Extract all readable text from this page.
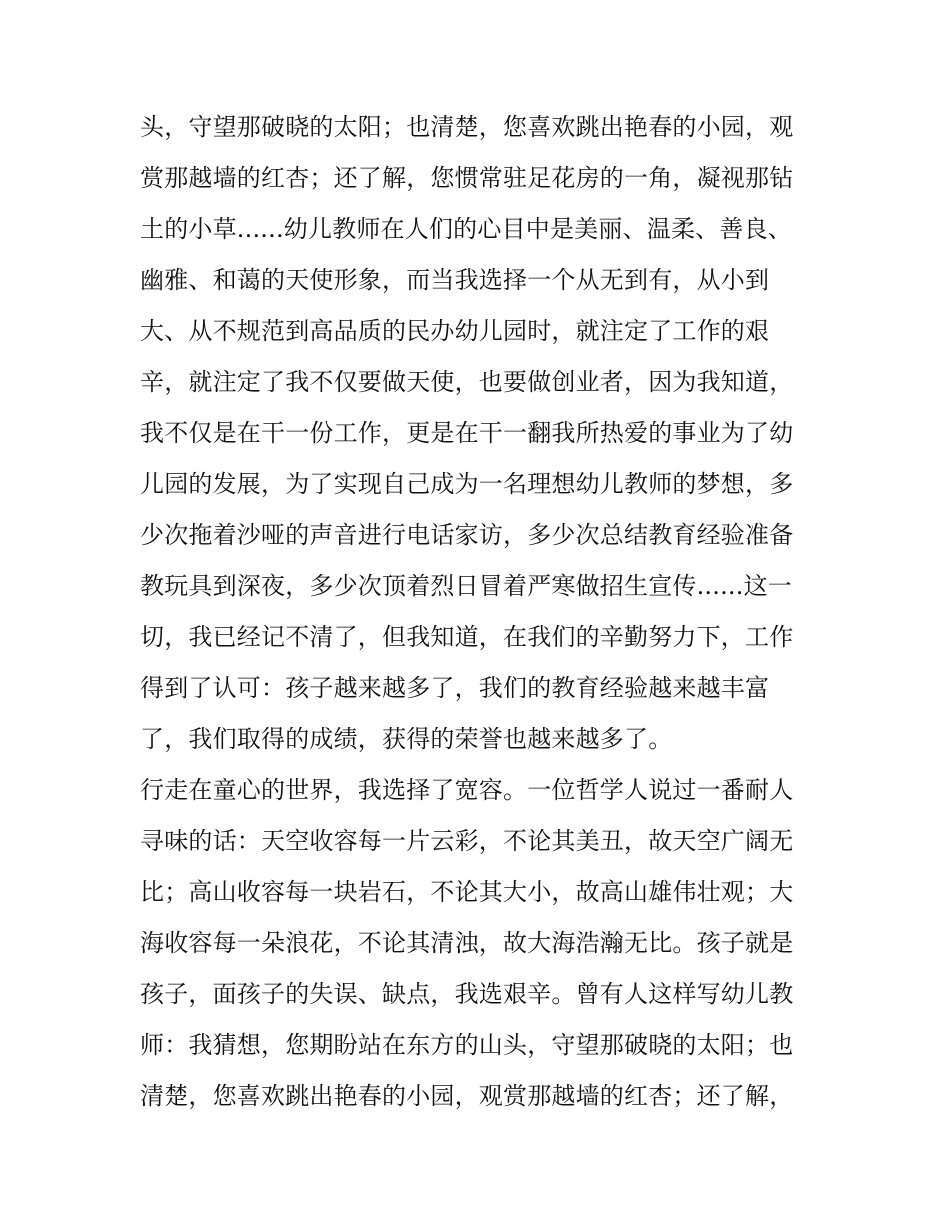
头，守望那破晓的太阳；也清楚，您喜欢跳出艳春的小园，观
赏那越墙的红杏；还了解，您惯常驻足花房的一角，凝视那钻
土的小草......幼儿教师在人们的心目中是美丽、温柔、善良、
幽雅、和蔼的天使形象，而当我选择一个从无到有，从小到
大、从不规范到高品质的民办幼儿园时，就注定了工作的艰
辛，就注定了我不仅要做天使，也要做创业者，因为我知道，
我不仅是在干一份工作，更是在干一翻我所热爱的事业为了幼
儿园的发展，为了实现自己成为一名理想幼儿教师的梦想，多
少次拖着沙哑的声音进行电话家访，多少次总结教育经验准备
教玩具到深夜，多少次顶着烈日冒着严寒做招生宣传......这一
切，我已经记不清了，但我知道，在我们的辛勤努力下，工作
得到了认可：孩子越来越多了，我们的教育经验越来越丰富
了，我们取得的成绩，获得的荣誉也越来越多了。
行走在童心的世界，我选择了宽容。一位哲学人说过一番耐人
寻味的话：天空收容每一片云彩，不论其美丑，故天空广阔无
比；高山收容每一块岩石，不论其大小，故高山雄伟壮观；大
海收容每一朵浪花，不论其清浊，故大海浩瀚无比。孩子就是
孩子，面孩子的失误、缺点，我选艰辛。曾有人这样写幼儿教
师：我猜想，您期盼站在东方的山头，守望那破晓的太阳；也
清楚，您喜欢跳出艳春的小园，观赏那越墙的红杏；还了解，
